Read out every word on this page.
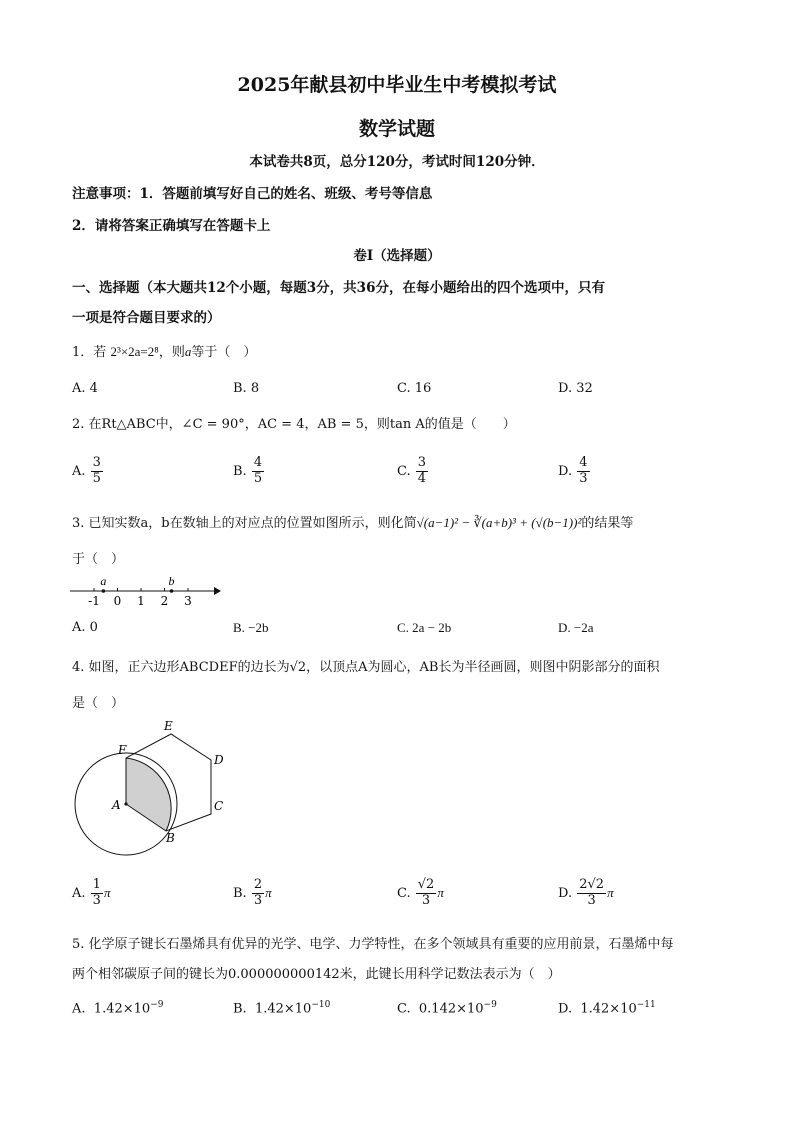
2025年献县初中毕业生中考模拟考试
数学试题
本试卷共8页，总分120分，考试时间120分钟．
注意事项：1．答题前填写好自己的姓名、班级、考号等信息
2．请将答案正确填写在答题卡上
卷Ⅰ（选择题）
一、选择题（本大题共12个小题，每题3分，共36分，在每小题给出的四个选项中，只有
一项是符合题目要求的）
1．若 2³×2a=2⁸，则a等于（　）
A. 4	B. 8	C. 16	D. 32
2. 在Rt△ABC中，∠C = 90°，AC = 4，AB = 5，则tan A的值是（　　）
A. $\frac{3}{5}$	B. $\frac{4}{5}$	C. $\frac{3}{4}$	D. $\frac{4}{3}$
3. 已知实数a，b在数轴上的对应点的位置如图所示，则化简√(a−1)² − ∛(a+b)³ + (√(b−1))²的结果等
于（　）
-1 0 1 2 3
a	b
A. 0	B. −2b	C. 2a − 2b	D. −2a
4. 如图，正六边形ABCDEF的边长为√2，以顶点A为圆心，AB长为半径画圆，则图中阴影部分的面积
是（　）
A
B
C
D
E
F
A. $\frac{1}{3}$ π	B. $\frac{2}{3}$ π	C. $\frac{√2}{3}$ π	D. $\frac{2√2}{3}$ π
5. 化学原子键长石墨烯具有优异的光学、电学、力学特性，在多个领域具有重要的应用前景，石墨烯中每
两个相邻碳原子间的键长为0.000000000142米，此键长用科学记数法表示为（　）
A. $1.42\times 10^{-9}$	B. $1.42\times 10^{-10}$	C. $0.142\times 10^{-9}$	D. $1.42\times 10^{-11}$
